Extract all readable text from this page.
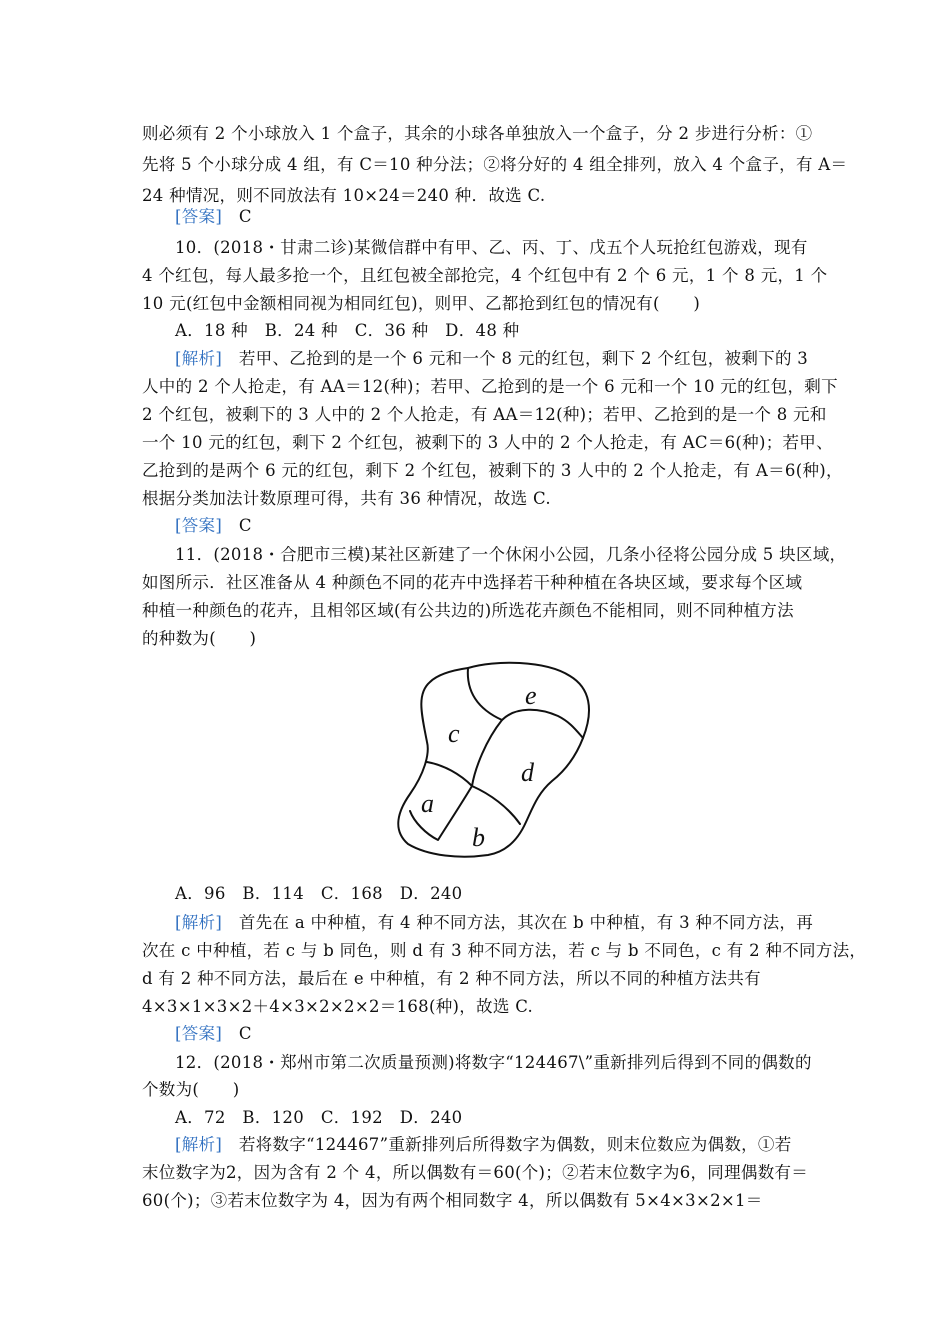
则必须有 2 个小球放入 1 个盒子，其余的小球各单独放入一个盒子，分 2 步进行分析：①
先将 5 个小球分成 4 组，有 C＝10 种分法；②将分好的 4 组全排列，放入 4 个盒子，有 A＝
24 种情况，则不同放法有 10×24＝240 种．故选 C.
[答案]　 C
10．(2018・甘肃二诊)某微信群中有甲、乙、丙、丁、戊五个人玩抢红包游戏，现有
4 个红包，每人最多抢一个，且红包被全部抢完，4 个红包中有 2 个 6 元，1 个 8 元，1 个
10 元(红包中金额相同视为相同红包)，则甲、乙都抢到红包的情况有(　　)
A．18 种　B．24 种　C．36 种　D．48 种
[解析]　若甲、乙抢到的是一个 6 元和一个 8 元的红包，剩下 2 个红包，被剩下的 3
人中的 2 个人抢走，有 AA＝12(种)；若甲、乙抢到的是一个 6 元和一个 10 元的红包，剩下
2 个红包，被剩下的 3 人中的 2 个人抢走，有 AA＝12(种)；若甲、乙抢到的是一个 8 元和
一个 10 元的红包，剩下 2 个红包，被剩下的 3 人中的 2 个人抢走，有 AC＝6(种)；若甲、
乙抢到的是两个 6 元的红包，剩下 2 个红包，被剩下的 3 人中的 2 个人抢走，有 A＝6(种)，
根据分类加法计数原理可得，共有 36 种情况，故选 C.
[答案]　 C
11．(2018・合肥市三模)某社区新建了一个休闲小公园，几条小径将公园分成 5 块区域，
如图所示．社区准备从 4 种颜色不同的花卉中选择若干种种植在各块区域，要求每个区域
种植一种颜色的花卉，且相邻区域(有公共边的)所选花卉颜色不能相同，则不同种植方法
的种数为(　　)
e
c
d
a
b
A．96　B．114　C．168　D．240
[解析]　首先在 a 中种植，有 4 种不同方法，其次在 b 中种植，有 3 种不同方法，再
次在 c 中种植，若 c 与 b 同色，则 d 有 3 种不同方法，若 c 与 b 不同色，c 有 2 种不同方法，
d 有 2 种不同方法，最后在 e 中种植，有 2 种不同方法，所以不同的种植方法共有
4×3×1×3×2＋4×3×2×2×2＝168(种)，故选 C.
[答案]　 C
12．(2018・郑州市第二次质量预测)将数字“124467\”重新排列后得到不同的偶数的
个数为(　　)
A．72　B．120　C．192　D．240
[解析]　若将数字“124467”重新排列后所得数字为偶数，则末位数应为偶数，①若
末位数字为2，因为含有 2 个 4，所以偶数有＝60(个)；②若末位数字为6，同理偶数有＝
60(个)；③若末位数字为 4，因为有两个相同数字 4，所以偶数有 5×4×3×2×1＝
